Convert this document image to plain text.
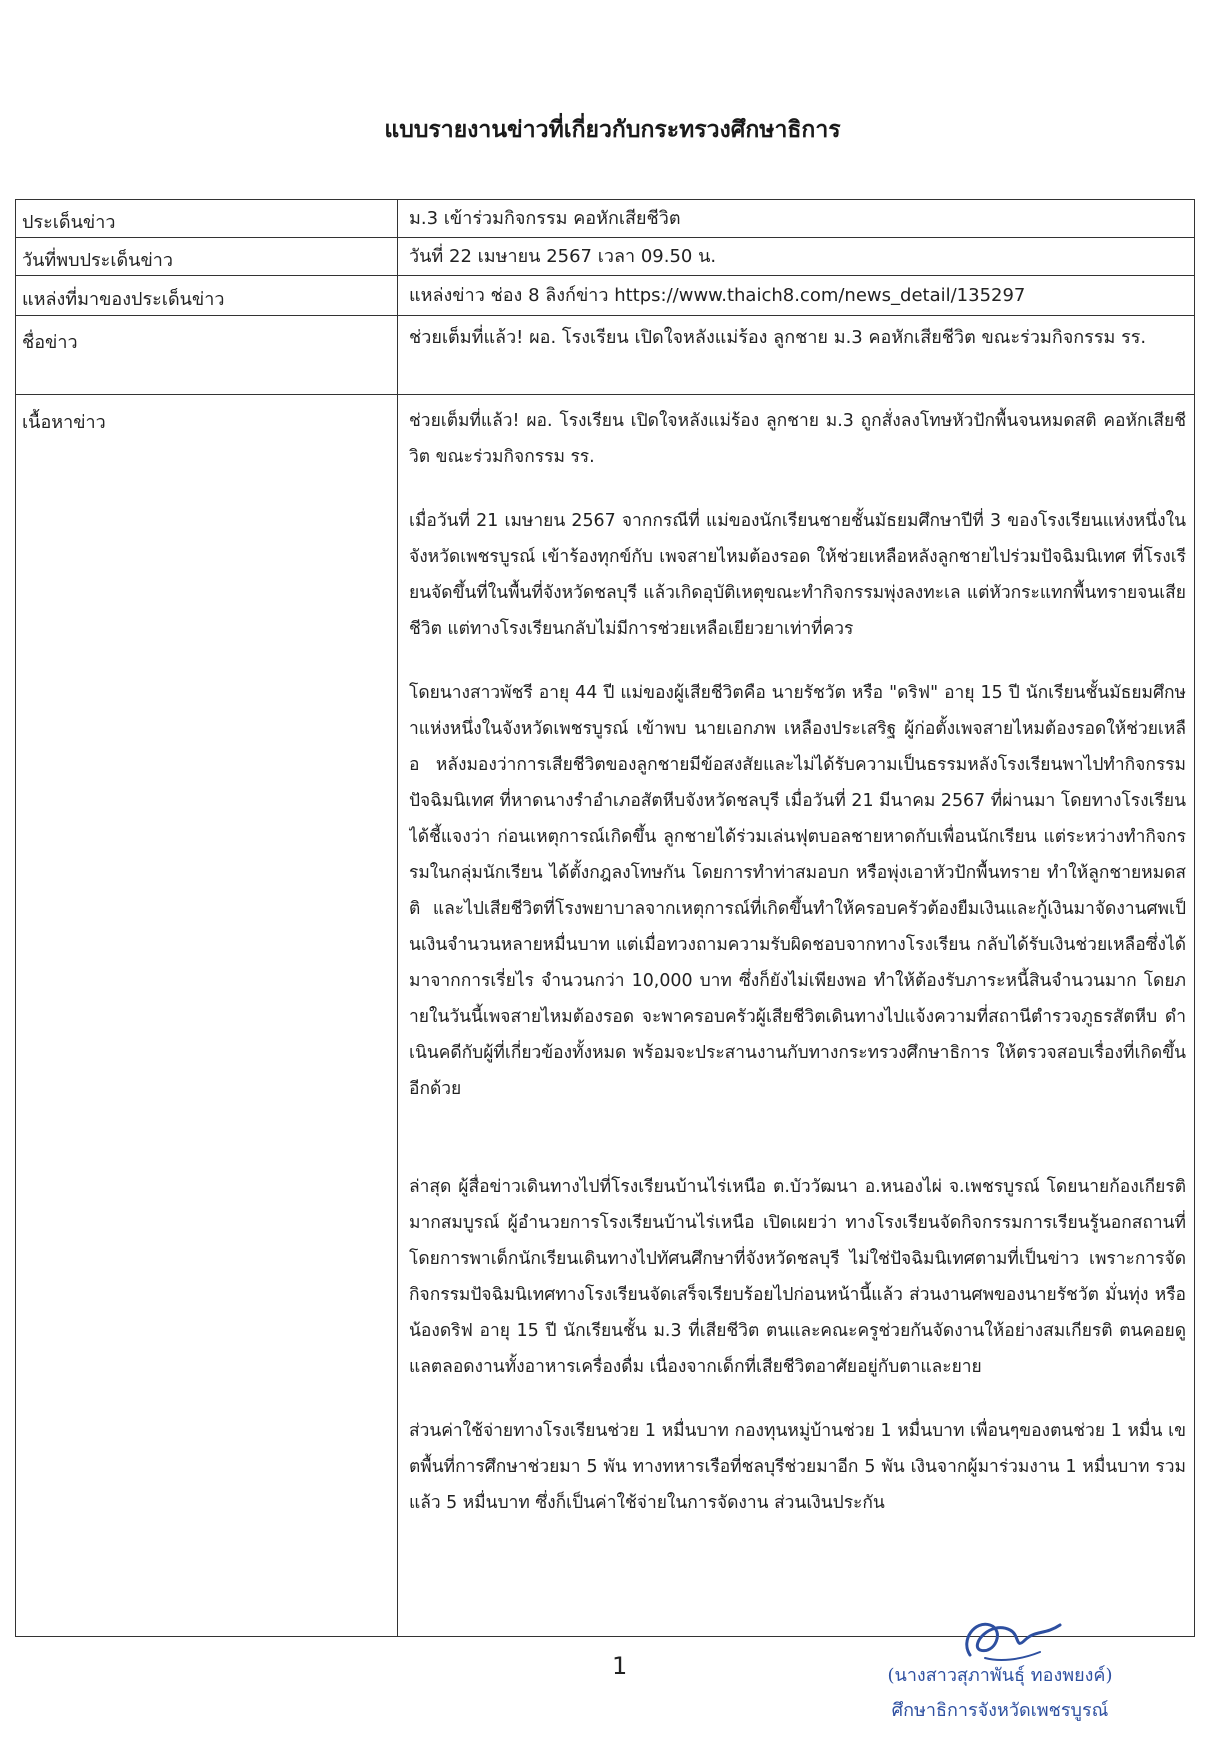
แบบรายงานข่าวที่เกี่ยวกับกระทรวงศึกษาธิการ
ประเด็นข่าว	ม.3 เข้าร่วมกิจกรรม คอหักเสียชีวิต
วันที่พบประเด็นข่าว	วันที่ 22 เมษายน 2567 เวลา 09.50 น.
แหล่งที่มาของประเด็นข่าว	แหล่งข่าว ช่อง 8 ลิงก์ข่าว https://www.thaich8.com/news_detail/135297
ชื่อข่าว	ช่วยเต็มที่แล้ว! ผอ. โรงเรียน เปิดใจหลังแม่ร้อง ลูกชาย ม.3 คอหักเสียชีวิต ขณะร่วมกิจกรรม รร.
เนื้อหาข่าว	ช่วยเต็มที่แล้ว! ผอ. โรงเรียน เปิดใจหลังแม่ร้อง ลูกชาย ม.3 ถูกสั่งลงโทษหัวปักพื้นจนหมดสติ คอหักเสียชีวิต ขณะร่วมกิจกรรม รร.

เมื่อวันที่ 21 เมษายน 2567 จากกรณีที่ แม่ของนักเรียนชายชั้นมัธยมศึกษาปีที่ 3 ของโรงเรียนแห่งหนึ่งในจังหวัดเพชรบูรณ์ เข้าร้องทุกข์กับ เพจสายไหมต้องรอด ให้ช่วยเหลือหลังลูกชายไปร่วมปัจฉิมนิเทศ ที่โรงเรียนจัดขึ้นที่ในพื้นที่จังหวัดชลบุรี แล้วเกิดอุบัติเหตุขณะทำกิจกรรมพุ่งลงทะเล แต่หัวกระแทกพื้นทรายจนเสียชีวิต แต่ทางโรงเรียนกลับไม่มีการช่วยเหลือเยียวยาเท่าที่ควร

โดยนางสาวพัชรี อายุ 44 ปี แม่ของผู้เสียชีวิตคือ นายรัชวัต หรือ "ดริฟ" อายุ 15 ปี นักเรียนชั้นมัธยมศึกษาแห่งหนึ่งในจังหวัดเพชรบูรณ์ เข้าพบ นายเอกภพ เหลืองประเสริฐ ผู้ก่อตั้งเพจสายไหมต้องรอดให้ช่วยเหลือ หลังมองว่าการเสียชีวิตของลูกชายมีข้อสงสัยและไม่ได้รับความเป็นธรรมหลังโรงเรียนพาไปทำกิจกรรมปัจฉิมนิเทศ ที่หาดนางรำอำเภอสัตหีบจังหวัดชลบุรี เมื่อวันที่ 21 มีนาคม 2567 ที่ผ่านมา โดยทางโรงเรียนได้ชี้แจงว่า ก่อนเหตุการณ์เกิดขึ้น ลูกชายได้ร่วมเล่นฟุตบอลชายหาดกับเพื่อนนักเรียน แต่ระหว่างทำกิจกรรมในกลุ่มนักเรียน ได้ตั้งกฎลงโทษกัน โดยการทำท่าสมอบก หรือพุ่งเอาหัวปักพื้นทราย ทำให้ลูกชายหมดสติ และไปเสียชีวิตที่โรงพยาบาลจากเหตุการณ์ที่เกิดขึ้นทำให้ครอบครัวต้องยืมเงินและกู้เงินมาจัดงานศพเป็นเงินจำนวนหลายหมื่นบาท แต่เมื่อทวงถามความรับผิดชอบจากทางโรงเรียน กลับได้รับเงินช่วยเหลือซึ่งได้มาจากการเรี่ยไร จำนวนกว่า 10,000 บาท ซึ่งก็ยังไม่เพียงพอ ทำให้ต้องรับภาระหนี้สินจำนวนมาก โดยภายในวันนี้เพจสายไหมต้องรอด จะพาครอบครัวผู้เสียชีวิตเดินทางไปแจ้งความที่สถานีตำรวจภูธรสัตหีบ ดำเนินคดีกับผู้ที่เกี่ยวข้องทั้งหมด พร้อมจะประสานงานกับทางกระทรวงศึกษาธิการ ให้ตรวจสอบเรื่องที่เกิดขึ้นอีกด้วย

ล่าสุด ผู้สื่อข่าวเดินทางไปที่โรงเรียนบ้านไร่เหนือ ต.บัววัฒนา อ.หนองไผ่ จ.เพชรบูรณ์ โดยนายก้องเกียรติ มากสมบูรณ์ ผู้อำนวยการโรงเรียนบ้านไร่เหนือ เปิดเผยว่า ทางโรงเรียนจัดกิจกรรมการเรียนรู้นอกสถานที่ โดยการพาเด็กนักเรียนเดินทางไปทัศนศึกษาที่จังหวัดชลบุรี ไม่ใช่ปัจฉิมนิเทศตามที่เป็นข่าว เพราะการจัดกิจกรรมปัจฉิมนิเทศทางโรงเรียนจัดเสร็จเรียบร้อยไปก่อนหน้านี้แล้ว ส่วนงานศพของนายรัชวัต มั่นทุ่ง หรือน้องดริฟ อายุ 15 ปี นักเรียนชั้น ม.3 ที่เสียชีวิต ตนและคณะครูช่วยกันจัดงานให้อย่างสมเกียรติ ตนคอยดูแลตลอดงานทั้งอาหารเครื่องดื่ม เนื่องจากเด็กที่เสียชีวิตอาศัยอยู่กับตาและยาย

ส่วนค่าใช้จ่ายทางโรงเรียนช่วย 1 หมื่นบาท กองทุนหมู่บ้านช่วย 1 หมื่นบาท เพื่อนๆของตนช่วย 1 หมื่น เขตพื้นที่การศึกษาช่วยมา 5 พัน ทางทหารเรือที่ชลบุรีช่วยมาอีก 5 พัน เงินจากผู้มาร่วมงาน 1 หมื่นบาท รวมแล้ว 5 หมื่นบาท ซึ่งก็เป็นค่าใช้จ่ายในการจัดงาน ส่วนเงินประกัน

1	(นางสาวสุภาพันธุ์ ทองพยงค์)
ศึกษาธิการจังหวัดเพชรบูรณ์
